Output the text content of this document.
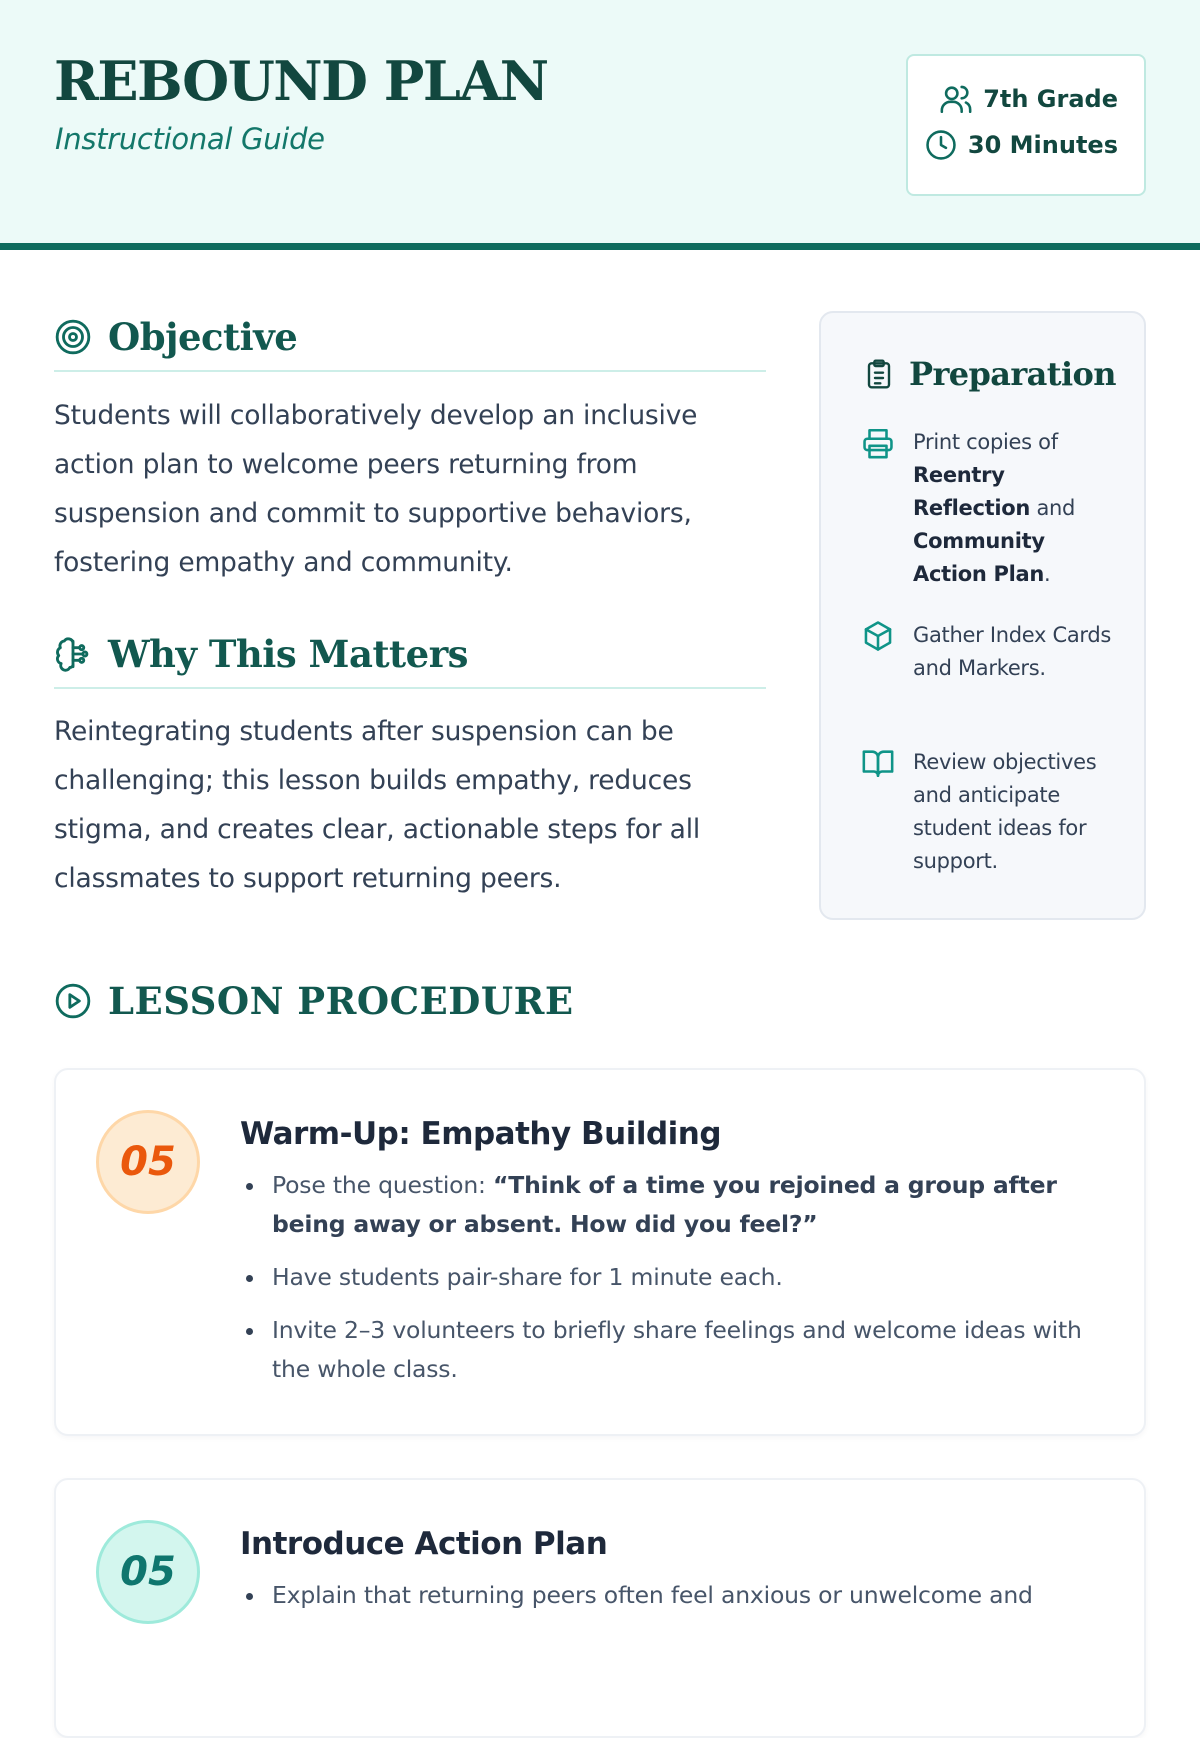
REBOUND PLAN
Instructional Guide
7th Grade
30 Minutes
Objective

Students will collaboratively develop an inclusive action plan to welcome peers returning from suspension and commit to supportive behaviors, fostering empathy and community.

Why This Matters

Reintegrating students after suspension can be challenging; this lesson builds empathy, reduces stigma, and creates clear, actionable steps for all classmates to support returning peers.

Preparation
Print copies of Reentry Reflection and Community Action Plan.
Gather Index Cards and Markers.
Review objectives and anticipate student ideas for support.
LESSON PROCEDURE
05
Warm-Up: Empathy Building
Pose the question: “Think of a time you rejoined a group after being away or absent. How did you feel?”
Have students pair-share for 1 minute each.
Invite 2–3 volunteers to briefly share feelings and welcome ideas with the whole class.
05
Introduce Action Plan
Explain that returning peers often feel anxious or unwelcome and
